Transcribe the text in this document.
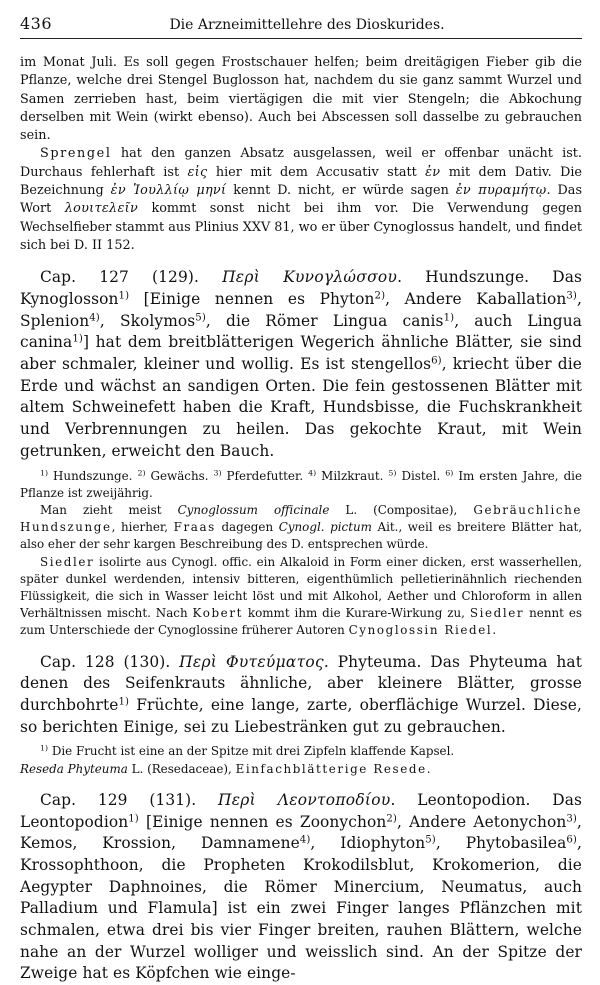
436	Die Arzneimittellehre des Dioskurides.

im Monat Juli. Es soll gegen Frostschauer helfen; beim dreitägigen Fieber gib die Pflanze, welche drei Stengel Buglosson hat, nachdem du sie ganz sammt Wurzel und Samen zerrieben hast, beim viertägigen die mit vier Stengeln; die Abkochung derselben mit Wein (wirkt ebenso). Auch bei Abscessen soll dasselbe zu gebrauchen sein.

Sprengel hat den ganzen Absatz ausgelassen, weil er offenbar unächt ist. Durchaus fehlerhaft ist εἰς hier mit dem Accusativ statt ἐν mit dem Dativ. Die Bezeichnung ἐν Ἰουλλίῳ μηνί kennt D. nicht, er würde sagen ἐν πυραμήτῳ. Das Wort λουιτελεῖν kommt sonst nicht bei ihm vor. Die Verwendung gegen Wechselfieber stammt aus Plinius XXV 81, wo er über Cynoglossus handelt, und findet sich bei D. II 152.

Cap. 127 (129). Περὶ Κυνογλώσσου. Hundszunge. Das Kynoglosson$^{1)}$ [Einige nennen es Phyton$^{2)}$, Andere Kaballation$^{3)}$, Splenion$^{4)}$, Skolymos$^{5)}$, die Römer Lingua canis$^{1)}$, auch Lingua canina$^{1)}$] hat dem breitblätterigen Wegerich ähnliche Blätter, sie sind aber schmaler, kleiner und wollig. Es ist stengellos$^{6)}$, kriecht über die Erde und wächst an sandigen Orten. Die fein gestossenen Blätter mit altem Schweinefett haben die Kraft, Hundsbisse, die Fuchskrankheit und Verbrennungen zu heilen. Das gekochte Kraut, mit Wein getrunken, erweicht den Bauch.

$^{1)}$ Hundszunge. $^{2)}$ Gewächs. $^{3)}$ Pferdefutter. $^{4)}$ Milzkraut. $^{5)}$ Distel. $^{6)}$ Im ersten Jahre, die Pflanze ist zweijährig.

Man zieht meist Cynoglossum officinale L. (Compositae), Gebräuchliche Hundszunge, hierher, Fraas dagegen Cynogl. pictum Ait., weil es breitere Blätter hat, also eher der sehr kargen Beschreibung des D. entsprechen würde.

Siedler isolirte aus Cynogl. offic. ein Alkaloid in Form einer dicken, erst wasserhellen, später dunkel werdenden, intensiv bitteren, eigenthümlich pelletierinähnlich riechenden Flüssigkeit, die sich in Wasser leicht löst und mit Alkohol, Aether und Chloroform in allen Verhältnissen mischt. Nach Kobert kommt ihm die Kurare-Wirkung zu, Siedler nennt es zum Unterschiede der Cynoglossine früherer Autoren Cynoglossin Riedel.

Cap. 128 (130). Περὶ Φυτεύματος. Phyteuma. Das Phyteuma hat denen des Seifenkrauts ähnliche, aber kleinere Blätter, grosse durchbohrte$^{1)}$ Früchte, eine lange, zarte, oberflächige Wurzel. Diese, so berichten Einige, sei zu Liebestränken gut zu gebrauchen.

$^{1)}$ Die Frucht ist eine an der Spitze mit drei Zipfeln klaffende Kapsel.

Reseda Phyteuma L. (Resedaceae), Einfachblätterige Resede.

Cap. 129 (131). Περὶ Λεοντοποδίου. Leontopodion. Das Leontopodion$^{1)}$ [Einige nennen es Zoonychon$^{2)}$, Andere Aetonychon$^{3)}$, Kemos, Krossion, Damnamene$^{4)}$, Idiophyton$^{5)}$, Phytobasilea$^{6)}$, Krossophthoon, die Propheten Krokodilsblut, Krokomerion, die Aegypter Daphnoines, die Römer Minercium, Neumatus, auch Palladium und Flamula] ist ein zwei Finger langes Pflänzchen mit schmalen, etwa drei bis vier Finger breiten, rauhen Blättern, welche nahe an der Wurzel wolliger und weisslich sind. An der Spitze der Zweige hat es Köpfchen wie einge-
